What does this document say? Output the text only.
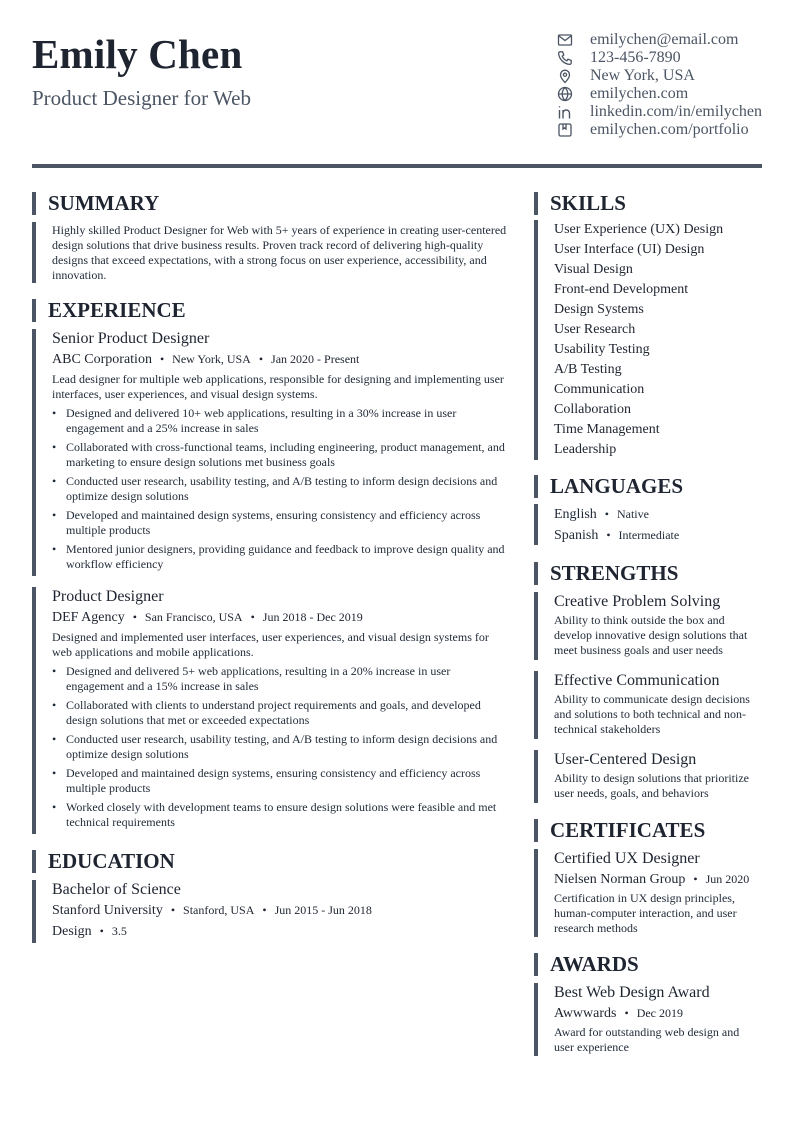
Emily Chen
Product Designer for Web
emilychen@email.com
123-456-7890
New York, USA
emilychen.com
linkedin.com/in/emilychen
emilychen.com/portfolio
SUMMARY
Highly skilled Product Designer for Web with 5+ years of experience in creating user-centered design solutions that drive business results. Proven track record of delivering high-quality designs that exceed expectations, with a strong focus on user experience, accessibility, and innovation.
EXPERIENCE
Senior Product Designer
ABC Corporation • New York, USA • Jan 2020 - Present
Lead designer for multiple web applications, responsible for designing and implementing user interfaces, user experiences, and visual design systems.
• Designed and delivered 10+ web applications, resulting in a 30% increase in user engagement and a 25% increase in sales
• Collaborated with cross-functional teams, including engineering, product management, and marketing to ensure design solutions met business goals
• Conducted user research, usability testing, and A/B testing to inform design decisions and optimize design solutions
• Developed and maintained design systems, ensuring consistency and efficiency across multiple products
• Mentored junior designers, providing guidance and feedback to improve design quality and workflow efficiency
Product Designer
DEF Agency • San Francisco, USA • Jun 2018 - Dec 2019
Designed and implemented user interfaces, user experiences, and visual design systems for web applications and mobile applications.
• Designed and delivered 5+ web applications, resulting in a 20% increase in user engagement and a 15% increase in sales
• Collaborated with clients to understand project requirements and goals, and developed design solutions that met or exceeded expectations
• Conducted user research, usability testing, and A/B testing to inform design decisions and optimize design solutions
• Developed and maintained design systems, ensuring consistency and efficiency across multiple products
• Worked closely with development teams to ensure design solutions were feasible and met technical requirements
EDUCATION
Bachelor of Science
Stanford University • Stanford, USA • Jun 2015 - Jun 2018
Design • 3.5
SKILLS
User Experience (UX) Design
User Interface (UI) Design
Visual Design
Front-end Development
Design Systems
User Research
Usability Testing
A/B Testing
Communication
Collaboration
Time Management
Leadership
LANGUAGES
English • Native
Spanish • Intermediate
STRENGTHS
Creative Problem Solving
Ability to think outside the box and develop innovative design solutions that meet business goals and user needs
Effective Communication
Ability to communicate design decisions and solutions to both technical and non-technical stakeholders
User-Centered Design
Ability to design solutions that prioritize user needs, goals, and behaviors
CERTIFICATES
Certified UX Designer
Nielsen Norman Group • Jun 2020
Certification in UX design principles, human-computer interaction, and user research methods
AWARDS
Best Web Design Award
Awwwards • Dec 2019
Award for outstanding web design and user experience
